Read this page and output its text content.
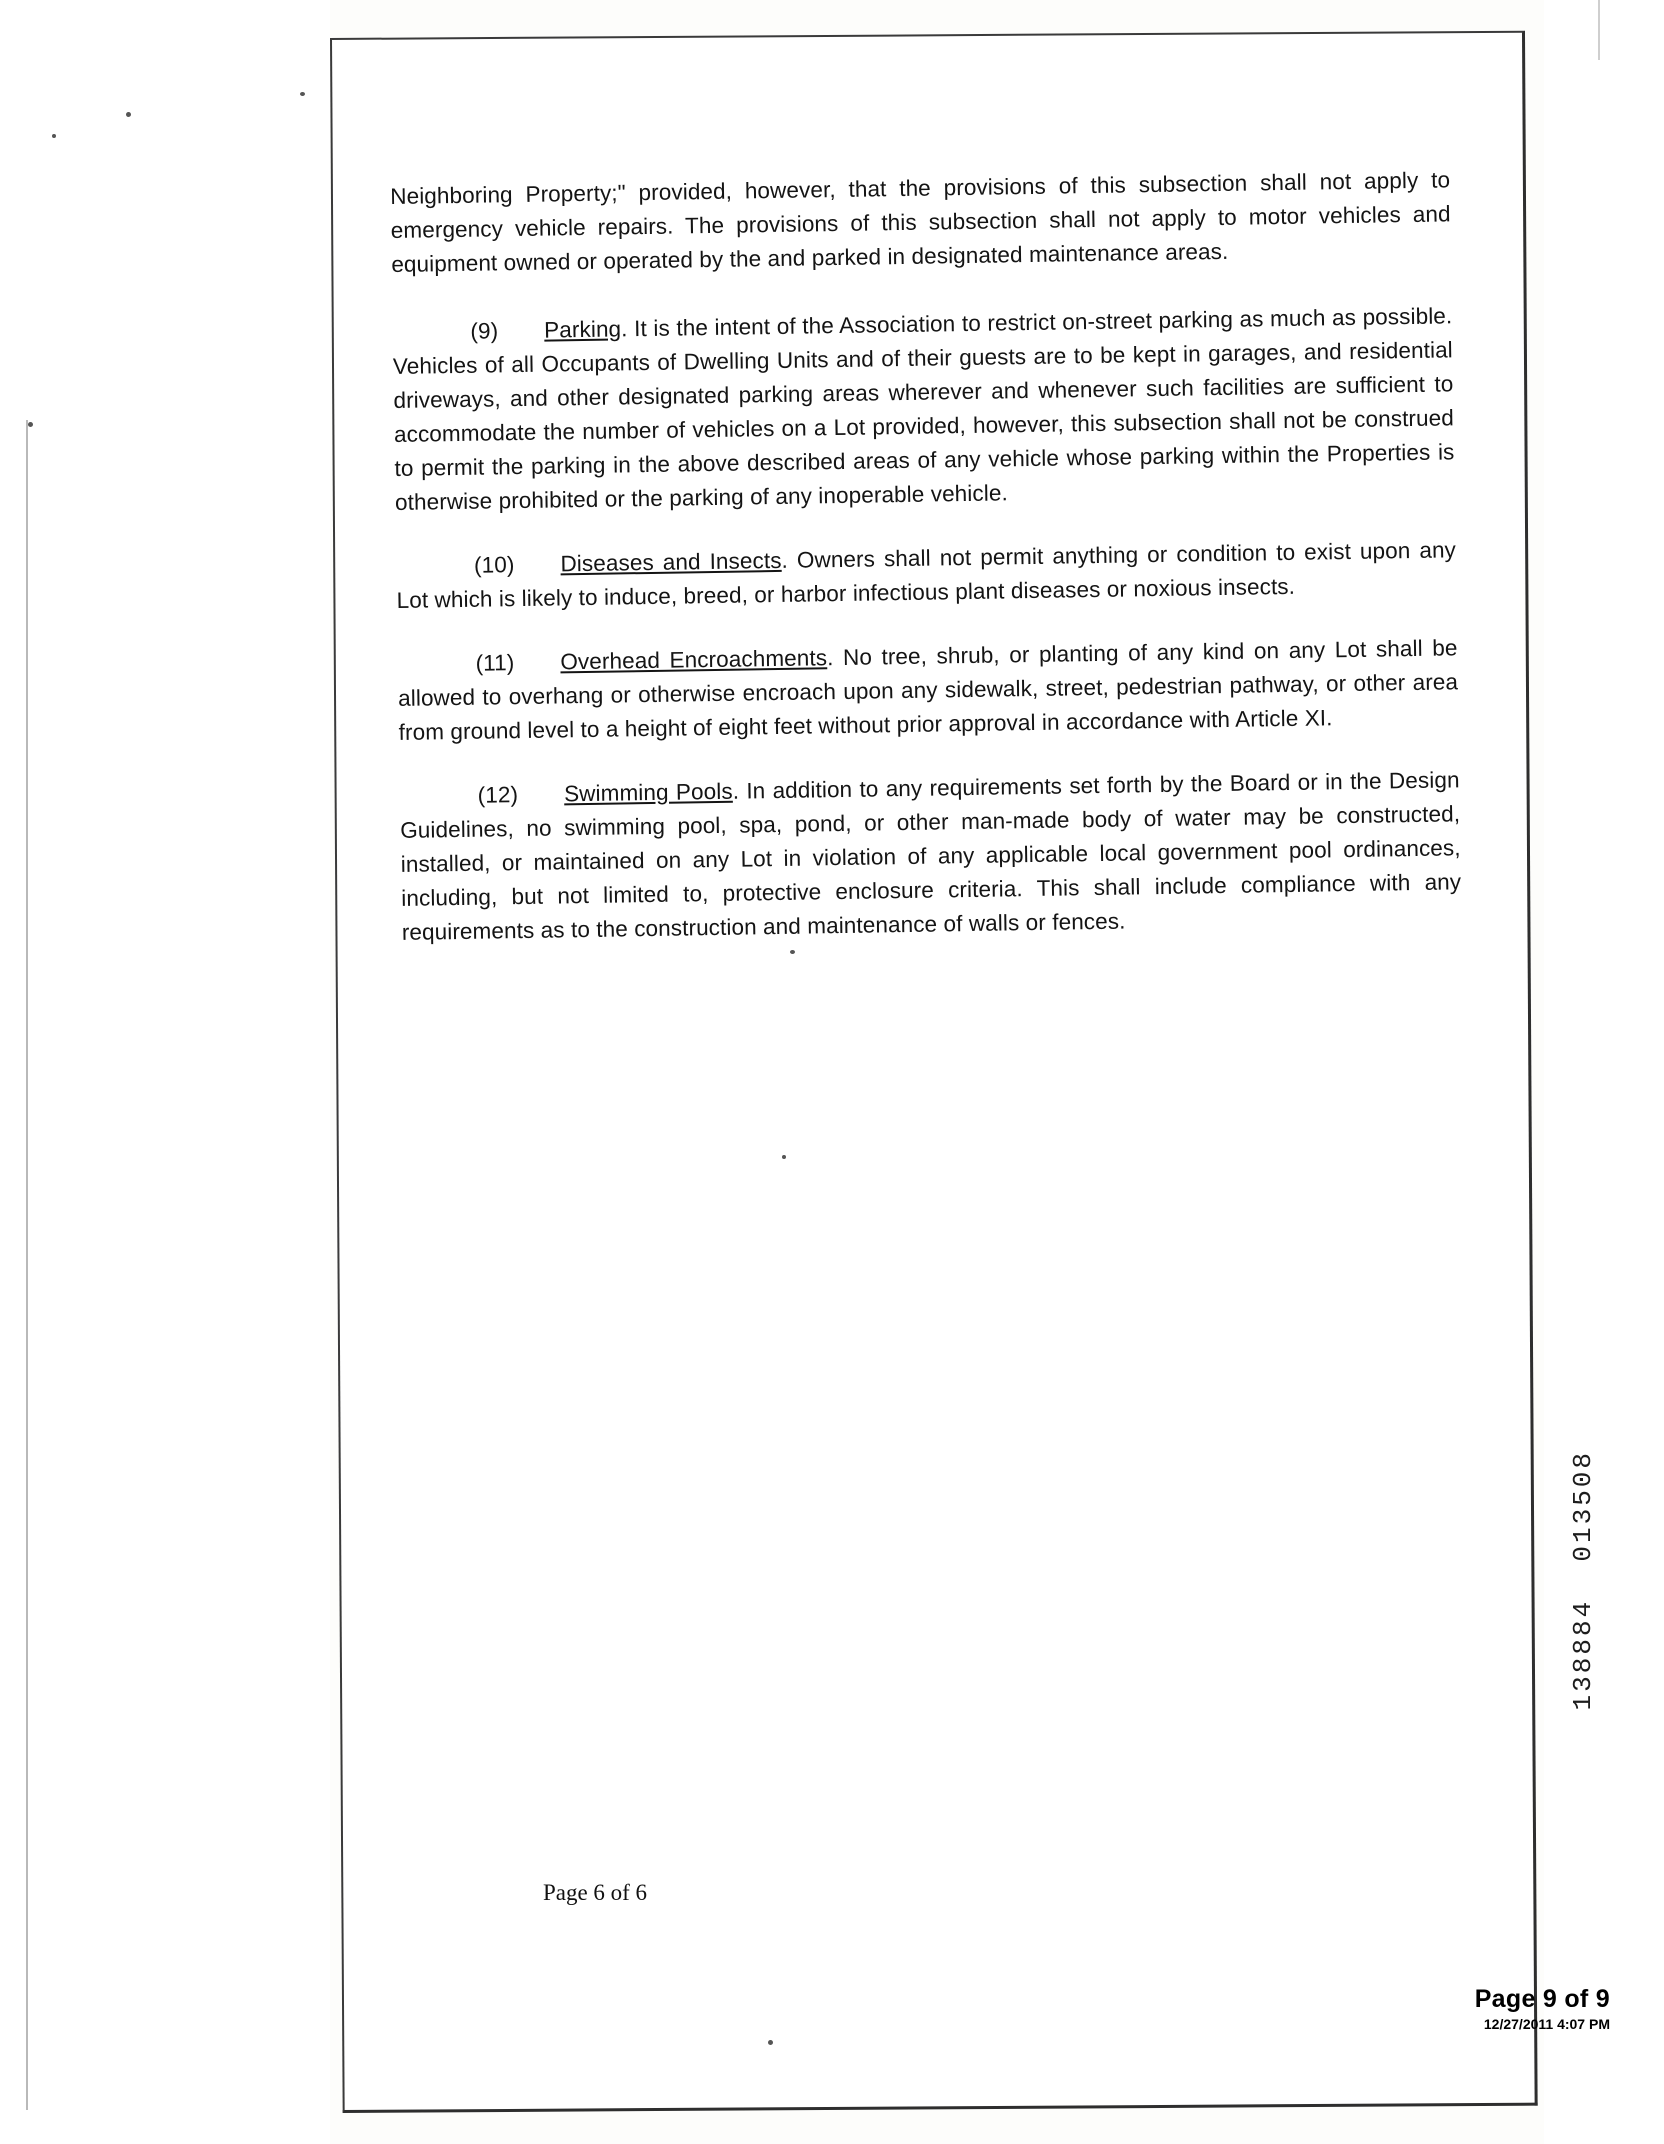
Neighboring Property;" provided, however, that the provisions of this subsection shall not apply to emergency vehicle repairs. The provisions of this subsection shall not apply to motor vehicles and equipment owned or operated by the and parked in designated maintenance areas.

(9) Parking. It is the intent of the Association to restrict on-street parking as much as possible. Vehicles of all Occupants of Dwelling Units and of their guests are to be kept in garages, and residential driveways, and other designated parking areas wherever and whenever such facilities are sufficient to accommodate the number of vehicles on a Lot provided, however, this subsection shall not be construed to permit the parking in the above described areas of any vehicle whose parking within the Properties is otherwise prohibited or the parking of any inoperable vehicle.

(10) Diseases and Insects. Owners shall not permit anything or condition to exist upon any Lot which is likely to induce, breed, or harbor infectious plant diseases or noxious insects.

(11) Overhead Encroachments. No tree, shrub, or planting of any kind on any Lot shall be allowed to overhang or otherwise encroach upon any sidewalk, street, pedestrian pathway, or other area from ground level to a height of eight feet without prior approval in accordance with Article XI.

(12) Swimming Pools. In addition to any requirements set forth by the Board or in the Design Guidelines, no swimming pool, spa, pond, or other man-made body of water may be constructed, installed, or maintained on any Lot in violation of any applicable local government pool ordinances, including, but not limited to, protective enclosure criteria. This shall include compliance with any requirements as to the construction and maintenance of walls or fences.

138884  013508
Page 6 of 6
Page 9 of 9
12/27/2011 4:07 PM
